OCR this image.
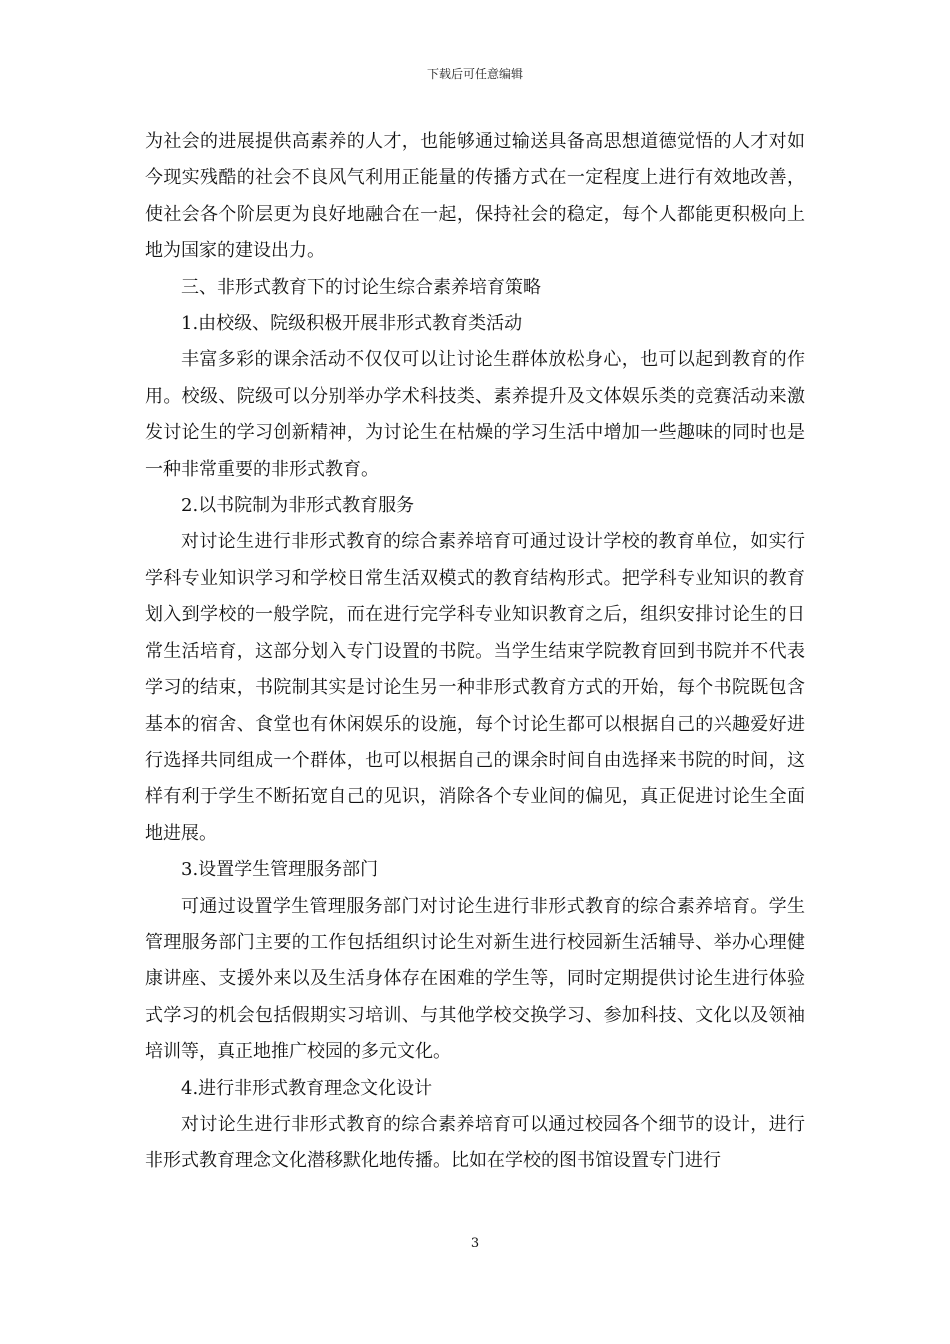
下载后可任意编辑

为社会的进展提供高素养的人才，也能够通过输送具备高思想道德觉悟的人才对如今现实残酷的社会不良风气利用正能量的传播方式在一定程度上进行有效地改善，使社会各个阶层更为良好地融合在一起，保持社会的稳定，每个人都能更积极向上地为国家的建设出力。

三、非形式教育下的讨论生综合素养培育策略

1.由校级、院级积极开展非形式教育类活动

丰富多彩的课余活动不仅仅可以让讨论生群体放松身心，也可以起到教育的作用。校级、院级可以分别举办学术科技类、素养提升及文体娱乐类的竞赛活动来激发讨论生的学习创新精神，为讨论生在枯燥的学习生活中增加一些趣味的同时也是一种非常重要的非形式教育。

2.以书院制为非形式教育服务

对讨论生进行非形式教育的综合素养培育可通过设计学校的教育单位，如实行学科专业知识学习和学校日常生活双模式的教育结构形式。把学科专业知识的教育划入到学校的一般学院，而在进行完学科专业知识教育之后，组织安排讨论生的日常生活培育，这部分划入专门设置的书院。当学生结束学院教育回到书院并不代表学习的结束，书院制其实是讨论生另一种非形式教育方式的开始，每个书院既包含基本的宿舍、食堂也有休闲娱乐的设施，每个讨论生都可以根据自己的兴趣爱好进行选择共同组成一个群体，也可以根据自己的课余时间自由选择来书院的时间，这样有利于学生不断拓宽自己的见识，消除各个专业间的偏见，真正促进讨论生全面地进展。

3.设置学生管理服务部门

可通过设置学生管理服务部门对讨论生进行非形式教育的综合素养培育。学生管理服务部门主要的工作包括组织讨论生对新生进行校园新生活辅导、举办心理健康讲座、支援外来以及生活身体存在困难的学生等，同时定期提供讨论生进行体验式学习的机会包括假期实习培训、与其他学校交换学习、参加科技、文化以及领袖培训等，真正地推广校园的多元文化。

4.进行非形式教育理念文化设计

对讨论生进行非形式教育的综合素养培育可以通过校园各个细节的设计，进行非形式教育理念文化潜移默化地传播。比如在学校的图书馆设置专门进行

3
